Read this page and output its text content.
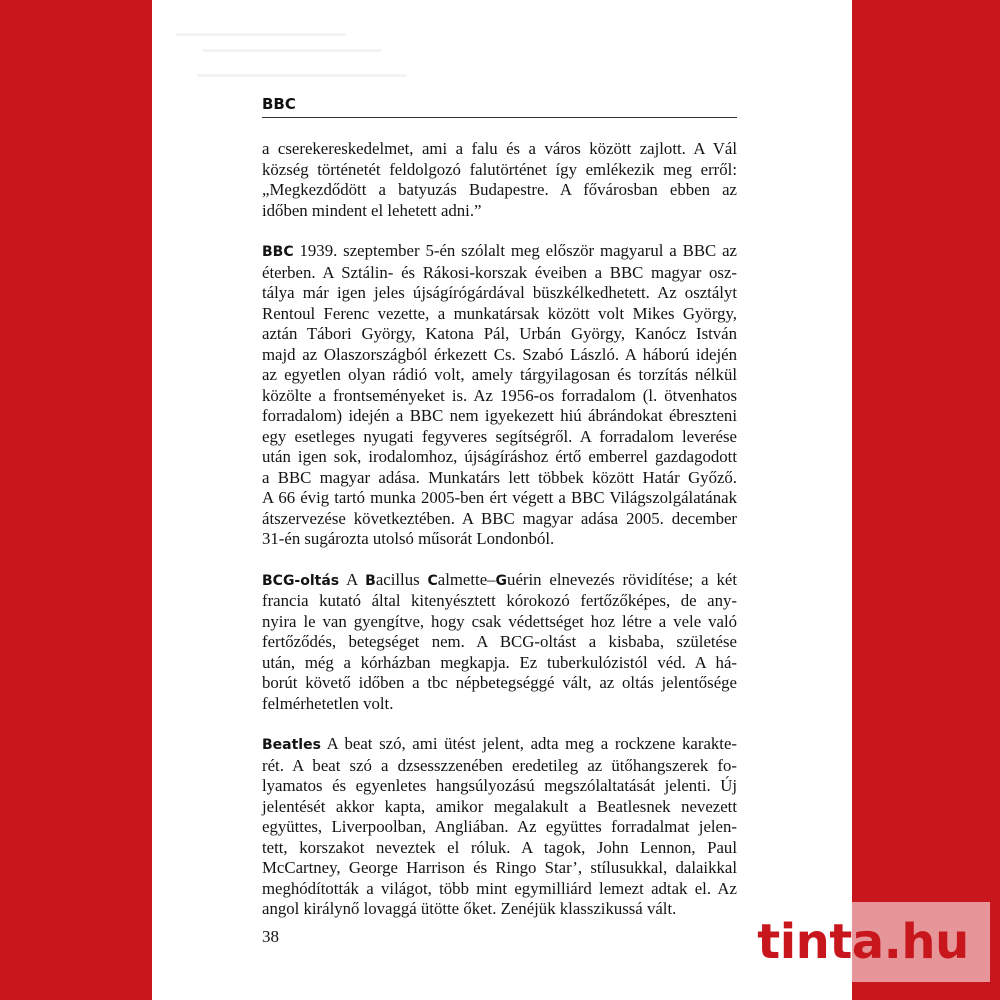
BBC
a cserekereskedelmet, ami a falu és a város között zajlott. A Vál
község történetét feldolgozó falutörténet így emlékezik meg erről:
„Megkezdődött a batyuzás Budapestre. A fővárosban ebben az
időben mindent el lehetett adni.”
BBC 1939. szeptember 5-én szólalt meg először magyarul a BBC az
éterben. A Sztálin- és Rákosi-korszak éveiben a BBC magyar osz-
tálya már igen jeles újságírógárdával büszkélkedhetett. Az osztályt
Rentoul Ferenc vezette, a munkatársak között volt Mikes György,
aztán Tábori György, Katona Pál, Urbán György, Kanócz István
majd az Olaszországból érkezett Cs. Szabó László. A háború idején
az egyetlen olyan rádió volt, amely tárgyilagosan és torzítás nélkül
közölte a frontseményeket is. Az 1956-os forradalom (l. ötvenhatos
forradalom) idején a BBC nem igyekezett hiú ábrándokat ébreszteni
egy esetleges nyugati fegyveres segítségről. A forradalom leverése
után igen sok, irodalomhoz, újságíráshoz értő emberrel gazdagodott
a BBC magyar adása. Munkatárs lett többek között Határ Győző.
A 66 évig tartó munka 2005-ben ért végett a BBC Világszolgálatának
átszervezése következtében. A BBC magyar adása 2005. december
31-én sugározta utolsó műsorát Londonból.
BCG-oltás A Bacillus Calmette–Guérin elnevezés rövidítése; a két
francia kutató által kitenyésztett kórokozó fertőzőképes, de any-
nyira le van gyengítve, hogy csak védettséget hoz létre a vele való
fertőződés, betegséget nem. A BCG-oltást a kisbaba, születése
után, még a kórházban megkapja. Ez tuberkulózistól véd. A há-
borút követő időben a tbc népbetegséggé vált, az oltás jelentősége
felmérhetetlen volt.
Beatles A beat szó, ami ütést jelent, adta meg a rockzene karakte-
rét. A beat szó a dzsesszzenében eredetileg az ütőhangszerek fo-
lyamatos és egyenletes hangsúlyozású megszólaltatását jelenti. Új
jelentését akkor kapta, amikor megalakult a Beatlesnek nevezett
együttes, Liverpoolban, Angliában. Az együttes forradalmat jelen-
tett, korszakot neveztek el róluk. A tagok, John Lennon, Paul
McCartney, George Harrison és Ringo Star’, stílusukkal, dalaikkal
meghódították a világot, több mint egymilliárd lemezt adtak el. Az
angol királynő lovaggá ütötte őket. Zenéjük klasszikussá vált.
38	tinta.hu
